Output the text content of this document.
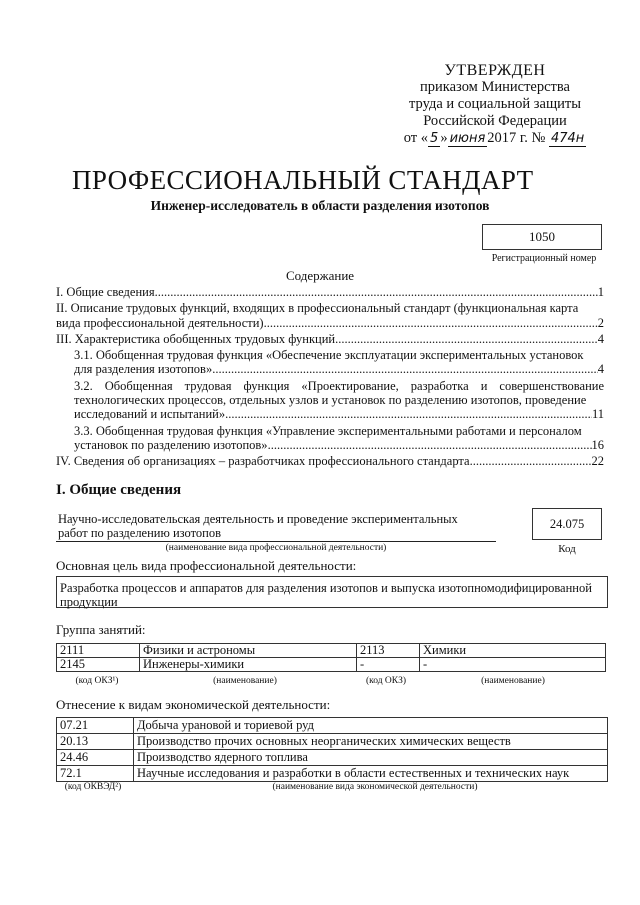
УТВЕРЖДЕН
приказом Министерства
труда и социальной защиты
Российской Федерации
от « 5 » июня 2017 г. № 474н
ПРОФЕССИОНАЛЬНЫЙ СТАНДАРТ
Инженер-исследователь в области разделения изотопов
1050
Регистрационный номер
Содержание
I. Общие сведения .....	1
II. Описание трудовых функций, входящих в профессиональный стандарт (функциональная карта
вида профессиональной деятельности) .....	2
III. Характеристика обобщенных трудовых функций .....	4
3.1. Обобщенная трудовая функция «Обеспечение эксплуатации экспериментальных установок
для разделения изотопов» .....	4
3.2. Обобщенная трудовая функция «Проектирование, разработка и совершенствование технологических процессов, отдельных узлов и установок по разделению изотопов, проведение
исследований и испытаний» .....	11
3.3. Обобщенная трудовая функция «Управление экспериментальными работами и персоналом
установок по разделению изотопов» .....	16
IV. Сведения об организациях – разработчиках профессионального стандарта .....	22
I. Общие сведения
Научно-исследовательская деятельность и проведение экспериментальных работ по разделению изотопов
(наименование вида профессиональной деятельности)
24.075
Код
Основная цель вида профессиональной деятельности:
Разработка процессов и аппаратов для разделения изотопов и выпуска изотопномодифицированной продукции
Группа занятий:
2111	Физики и астрономы	2113	Химики
2145	Инженеры-химики	-	-
(код ОКЗ¹)	(наименование)	(код ОКЗ)	(наименование)
Отнесение к видам экономической деятельности:
07.21	Добыча урановой и ториевой руд
20.13	Производство прочих основных неорганических химических веществ
24.46	Производство ядерного топлива
72.1	Научные исследования и разработки в области естественных и технических наук
(код ОКВЭД²)	(наименование вида экономической деятельности)
